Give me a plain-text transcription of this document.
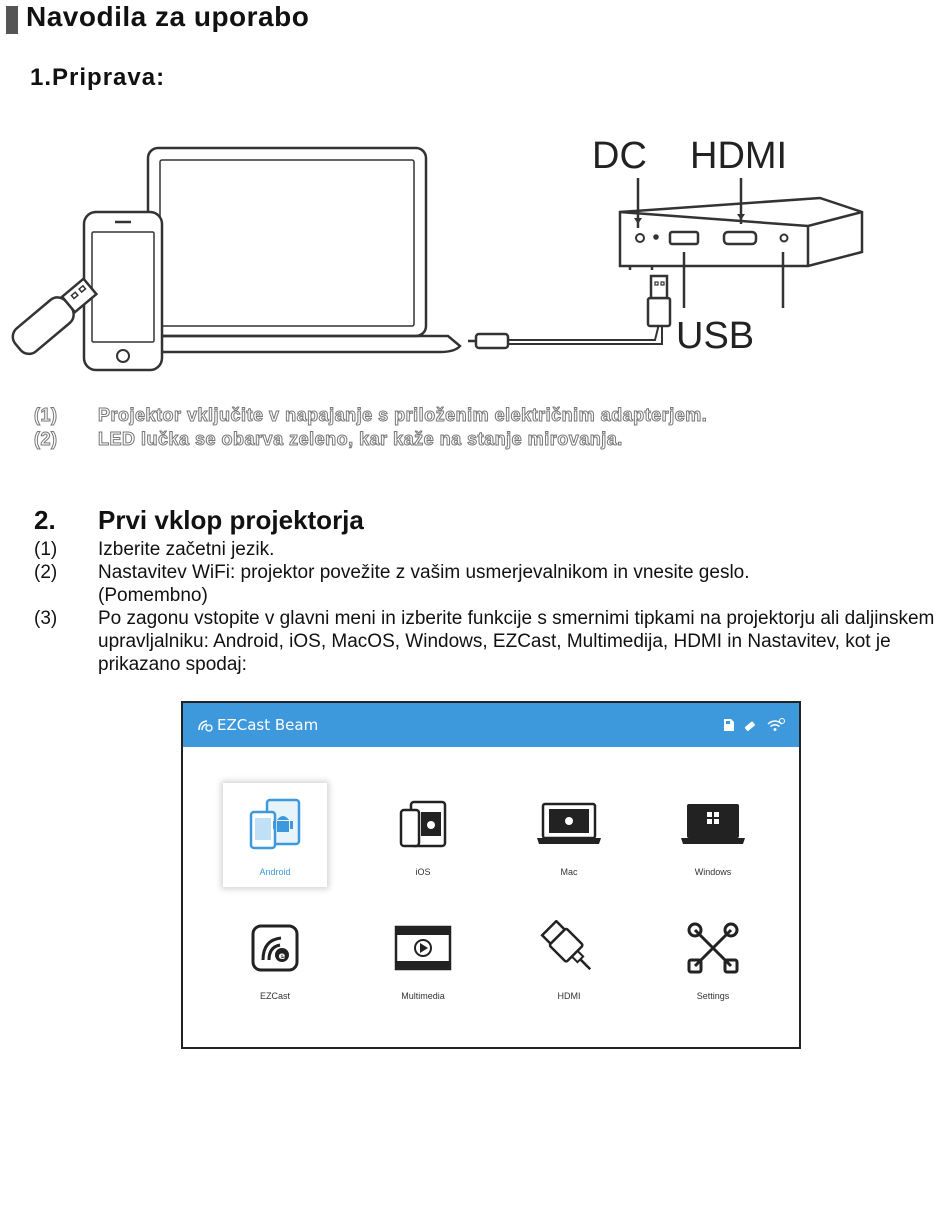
Navodila za uporabo
1.Priprava:
DC HDMI
USB
(1)	Projektor vključite v napajanje s priloženim električnim adapterjem.
(2)	LED lučka se obarva zeleno, kar kaže na stanje mirovanja.
2.	Prvi vklop projektorja
(1)	Izberite začetni jezik.
(2)	Nastavitev WiFi: projektor povežite z vašim usmerjevalnikom in vnesite geslo.(Pomembno)
(3)	Po zagonu vstopite v glavni meni in izberite funkcije s smernimi tipkami na projektorju ali daljinskem upravljalniku: Android, iOS, MacOS, Windows, EZCast, Multimedija, HDMI in Nastavitev, kot je prikazano spodaj:
EZCast Beam
Android	iOS	Mac	Windows
e
EZCast	Multimedia	HDMI	Settings
